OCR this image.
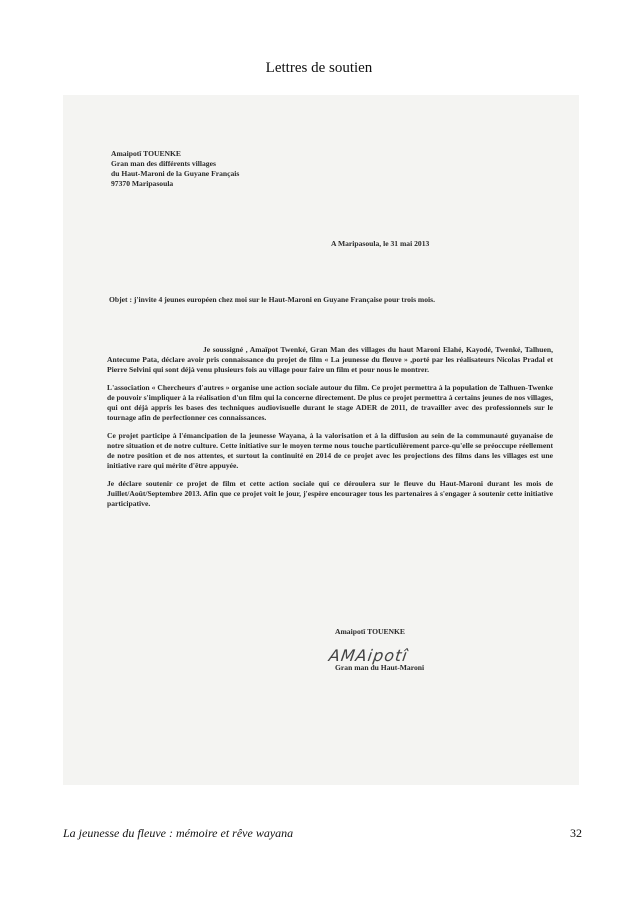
Lettres de soutien
Amaipotî TOUENKE
Gran man des différents villages
du Haut-Maroni de la Guyane Français
97370 Maripasoula
A Maripasoula, le 31 mai 2013
Objet : j'invite 4 jeunes européen chez moi sur le Haut-Maroni en Guyane Française pour trois mois.

Je soussigné , Amaïpot Twenké, Gran Man des villages du haut Maroni Elahé, Kayodé, Twenké, Talhuen, Antecume Pata, déclare avoir pris connaissance du projet de film « La jeunesse du fleuve » ,porté par les réalisateurs Nicolas Pradal et Pierre Selvini qui sont déjà venu plusieurs fois au village pour faire un film et pour nous le montrer.

L'association « Chercheurs d'autres » organise une action sociale autour du film. Ce projet permettra à la population de Talhuen-Twenke de pouvoir s'impliquer à la réalisation d'un film qui la concerne directement. De plus ce projet permettra à certains jeunes de nos villages, qui ont déjà appris les bases des techniques audiovisuelle durant le stage ADER de 2011, de travailler avec des professionnels sur le tournage afin de perfectionner ces connaissances.

Ce projet participe à l'émancipation de la jeunesse Wayana, à la valorisation et à la diffusion au sein de la communauté guyanaise de notre situation et de notre culture. Cette initiative sur le moyen terme nous touche particulièrement parce-qu'elle se préoccupe réellement de notre position et de nos attentes, et surtout la continuité en 2014 de ce projet avec les projections des films dans les villages est une initiative rare qui mérite d'être appuyée.

Je déclare soutenir ce projet de film et cette action sociale qui ce déroulera sur le fleuve du Haut-Maroni durant les mois de Juillet/Août/Septembre 2013. Afin que ce projet voit le jour, j'espère encourager tous les partenaires à s'engager à soutenir cette initiative participative.

Amaipotî TOUENKE
AMAipotî
Gran man du Haut-Maroni
La jeunesse du fleuve : mémoire et rêve wayana	32
